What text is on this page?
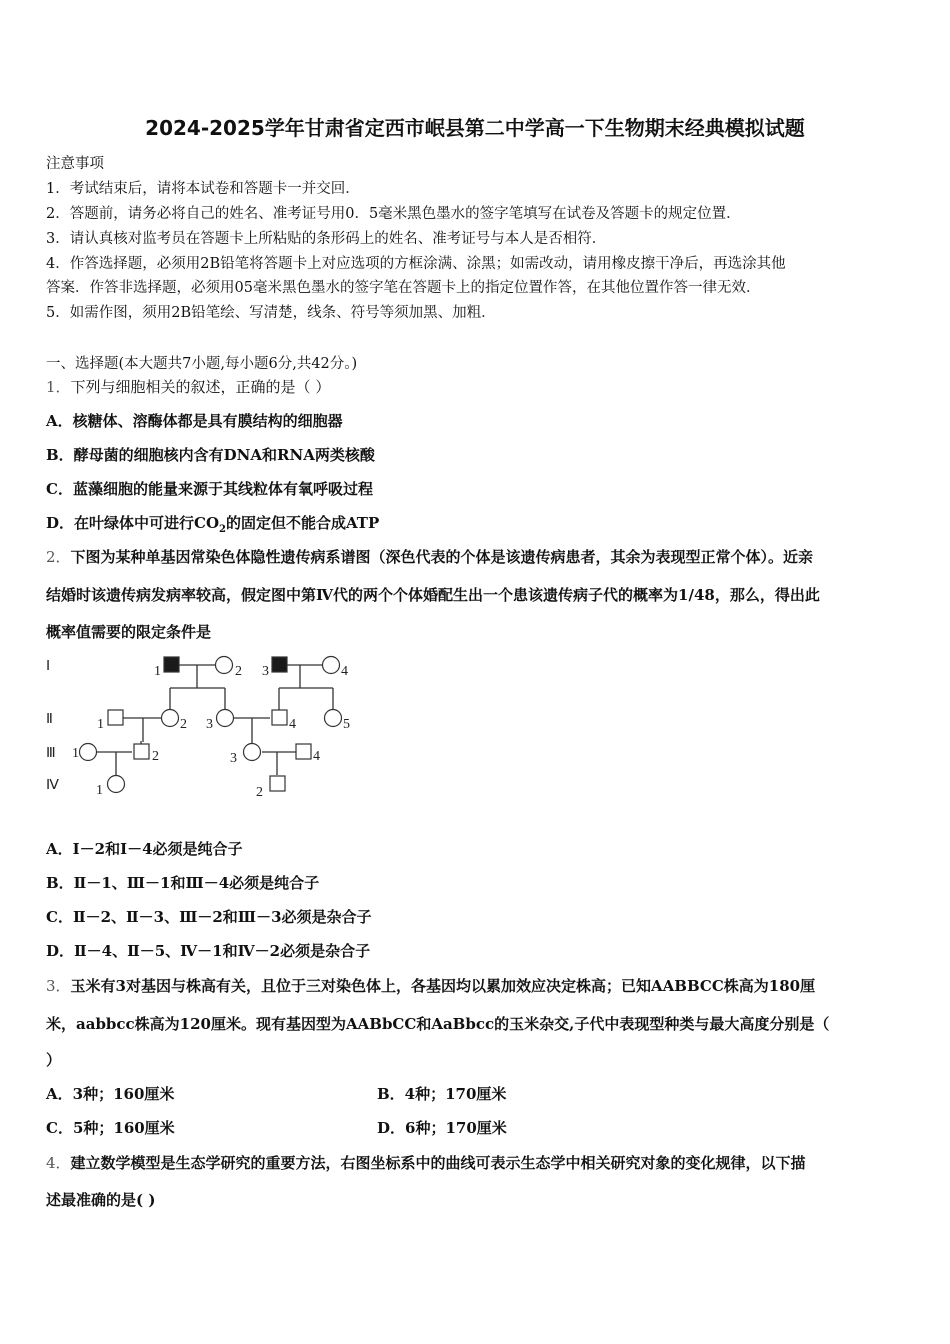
2024-2025学年甘肃省定西市岷县第二中学高一下生物期末经典模拟试题
注意事项
1．考试结束后，请将本试卷和答题卡一并交回．
2．答题前，请务必将自己的姓名、准考证号用0．5毫米黑色墨水的签字笔填写在试卷及答题卡的规定位置．
3．请认真核对监考员在答题卡上所粘贴的条形码上的姓名、准考证号与本人是否相符．
4．作答选择题，必须用2B铅笔将答题卡上对应选项的方框涂满、涂黑；如需改动，请用橡皮擦干净后，再选涂其他
答案．作答非选择题，必须用05毫米黑色墨水的签字笔在答题卡上的指定位置作答，在其他位置作答一律无效．
5．如需作图，须用2B铅笔绘、写清楚，线条、符号等须加黑、加粗．
一、选择题(本大题共7小题,每小题6分,共42分。)
1．下列与细胞相关的叙述，正确的是（ ）
A．核糖体、溶酶体都是具有膜结构的细胞器
B．酵母菌的细胞核内含有DNA和RNA两类核酸
C．蓝藻细胞的能量来源于其线粒体有氧呼吸过程
D．在叶绿体中可进行$CO_2$的固定但不能合成ATP
2．下图为某种单基因常染色体隐性遗传病系谱图（深色代表的个体是该遗传病患者，其余为表现型正常个体）。近亲
结婚时该遗传病发病率较高，假定图中第Ⅳ代的两个个体婚配生出一个患该遗传病子代的概率为1/48，那么，得出此
概率值需要的限定条件是
Ⅰ
Ⅱ
Ⅲ
Ⅳ
1	2 3	4
1	2 3	4	5
1	2	3	4
1	2
A．Ⅰ－2和Ⅰ－4必须是纯合子
B．Ⅱ－1、Ⅲ－1和Ⅲ－4必须是纯合子
C．Ⅱ－2、Ⅱ－3、Ⅲ－2和Ⅲ－3必须是杂合子
D．Ⅱ－4、Ⅱ－5、Ⅳ－1和Ⅳ－2必须是杂合子
3．玉米有3对基因与株高有关，且位于三对染色体上，各基因均以累加效应决定株高；已知AABBCC株高为180厘
米，aabbcc株高为120厘米。现有基因型为AABbCC和AaBbcc的玉米杂交,子代中表现型种类与最大高度分别是（
）
A．3种；160厘米	B．4种；170厘米
C．5种；160厘米	D．6种；170厘米
4．建立数学模型是生态学研究的重要方法，右图坐标系中的曲线可表示生态学中相关研究对象的变化规律，以下描
述最准确的是( )
